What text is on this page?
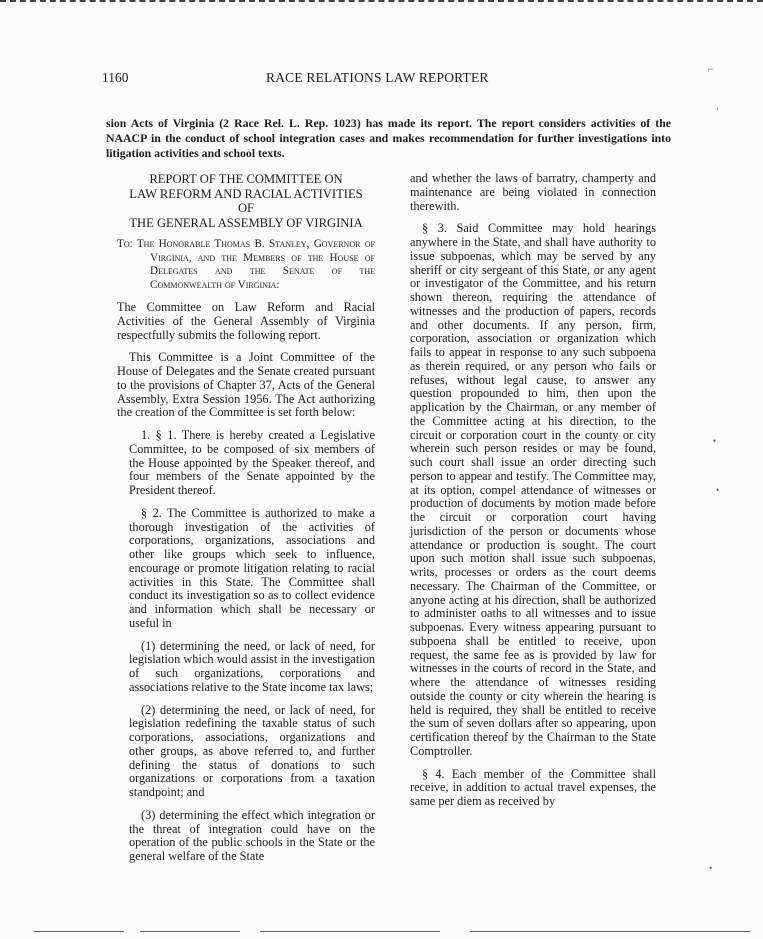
1160	RACE RELATIONS LAW REPORTER
sion Acts of Virginia (2 Race Rel. L. Rep. 1023) has made its report. The report considers activities of the NAACP in the conduct of school integration cases and makes recommendation for further investigations into litigation activities and school texts.
REPORT OF THE COMMITTEE ON
LAW REFORM AND RACIAL ACTIVITIES
OF
THE GENERAL ASSEMBLY OF VIRGINIA

To: The Honorable Thomas B. Stanley, Governor of Virginia, and the Members of the House of Delegates and the Senate of the Commonwealth of Virginia:

The Committee on Law Reform and Racial Activities of the General Assembly of Virginia respectfully submits the following report.

This Committee is a Joint Committee of the House of Delegates and the Senate created pursuant to the provisions of Chapter 37, Acts of the General Assembly, Extra Session 1956. The Act authorizing the creation of the Committee is set forth below:

1. § 1. There is hereby created a Legislative Committee, to be composed of six members of the House appointed by the Speaker thereof, and four members of the Senate appointed by the President thereof.

§ 2. The Committee is authorized to make a thorough investigation of the activities of corporations, organizations, associations and other like groups which seek to influence, encourage or promote litigation relating to racial activities in this State. The Committee shall conduct its investigation so as to collect evidence and information which shall be necessary or useful in

(1) determining the need, or lack of need, for legislation which would assist in the investigation of such organizations, corporations and associations relative to the State income tax laws;

(2) determining the need, or lack of need, for legislation redefining the taxable status of such corporations, associations, organizations and other groups, as above referred to, and further defining the status of donations to such organizations or corporations from a taxation standpoint; and

(3) determining the effect which integration or the threat of integration could have on the operation of the public schools in the State or the general welfare of the State

and whether the laws of barratry, champerty and maintenance are being violated in connection therewith.

§ 3. Said Committee may hold hearings anywhere in the State, and shall have authority to issue subpoenas, which may be served by any sheriff or city sergeant of this State, or any agent or investigator of the Committee, and his return shown thereon, requiring the attendance of witnesses and the production of papers, records and other documents. If any person, firm, corporation, association or organization which fails to appear in response to any such subpoena as therein required, or any person who fails or refuses, without legal cause, to answer any question propounded to him, then upon the application by the Chairman, or any member of the Committee acting at his direction, to the circuit or corporation court in the county or city wherein such person resides or may be found, such court shall issue an order directing such person to appear and testify. The Committee may, at its option, compel attendance of witnesses or production of documents by motion made before the circuit or corporation court having jurisdiction of the person or documents whose attendance or production is sought. The court upon such motion shall issue such subpoenas, writs, processes or orders as the court deems necessary. The Chairman of the Committee, or anyone acting at his direction, shall be authorized to administer oaths to all witnesses and to issue subpoenas. Every witness appearing pursuant to subpoena shall be entitled to receive, upon request, the same fee as is provided by law for witnesses in the courts of record in the State, and where the attendance of witnesses residing outside the county or city wherein the hearing is held is required, they shall be entitled to receive the sum of seven dollars after so appearing, upon certification thereof by the Chairman to the State Comptroller.

§ 4. Each member of the Committee shall receive, in addition to actual travel expenses, the same per diem as received by

⌐
·
•
•
•
